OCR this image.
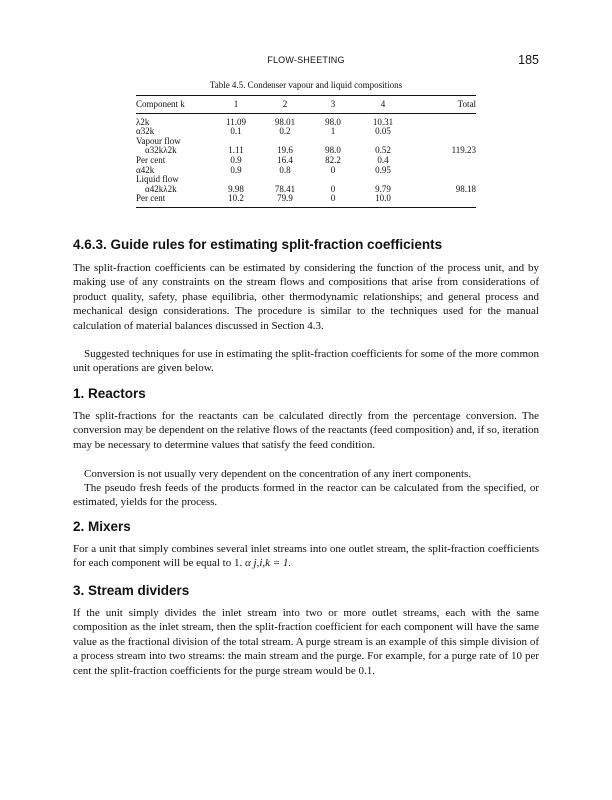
FLOW-SHEETING	185
Table 4.5. Condenser vapour and liquid compositions
Component k	1	2	3	4	Total
λ2k	11.09	98.01	98.0	10.31	
α32k	0.1	0.2	1	0.05	
Vapour flow					
α32kλ2k	1.11	19.6	98.0	0.52	119.23
Per cent	0.9	16.4	82.2	0.4	
α42k	0.9	0.8	0	0.95	
Liquid flow					
α42kλ2k	9.98	78.41	0	9.79	98.18
Per cent	10.2	79.9	0	10.0	
4.6.3. Guide rules for estimating split-fraction coefficients

The split-fraction coefficients can be estimated by considering the function of the process unit, and by making use of any constraints on the stream flows and compositions that arise from considerations of product quality, safety, phase equilibria, other thermodynamic relationships; and general process and mechanical design considerations. The procedure is similar to the techniques used for the manual calculation of material balances discussed in Section 4.3.

Suggested techniques for use in estimating the split-fraction coefficients for some of the more common unit operations are given below.

1. Reactors

The split-fractions for the reactants can be calculated directly from the percentage conversion. The conversion may be dependent on the relative flows of the reactants (feed composition) and, if so, iteration may be necessary to determine values that satisfy the feed condition.

Conversion is not usually very dependent on the concentration of any inert components.

The pseudo fresh feeds of the products formed in the reactor can be calculated from the specified, or estimated, yields for the process.

2. Mixers

For a unit that simply combines several inlet streams into one outlet stream, the split-fraction coefficients for each component will be equal to 1. α j,i,k = 1.

3. Stream dividers

If the unit simply divides the inlet stream into two or more outlet streams, each with the same composition as the inlet stream, then the split-fraction coefficient for each component will have the same value as the fractional division of the total stream. A purge stream is an example of this simple division of a process stream into two streams: the main stream and the purge. For example, for a purge rate of 10 per cent the split-fraction coefficients for the purge stream would be 0.1.
